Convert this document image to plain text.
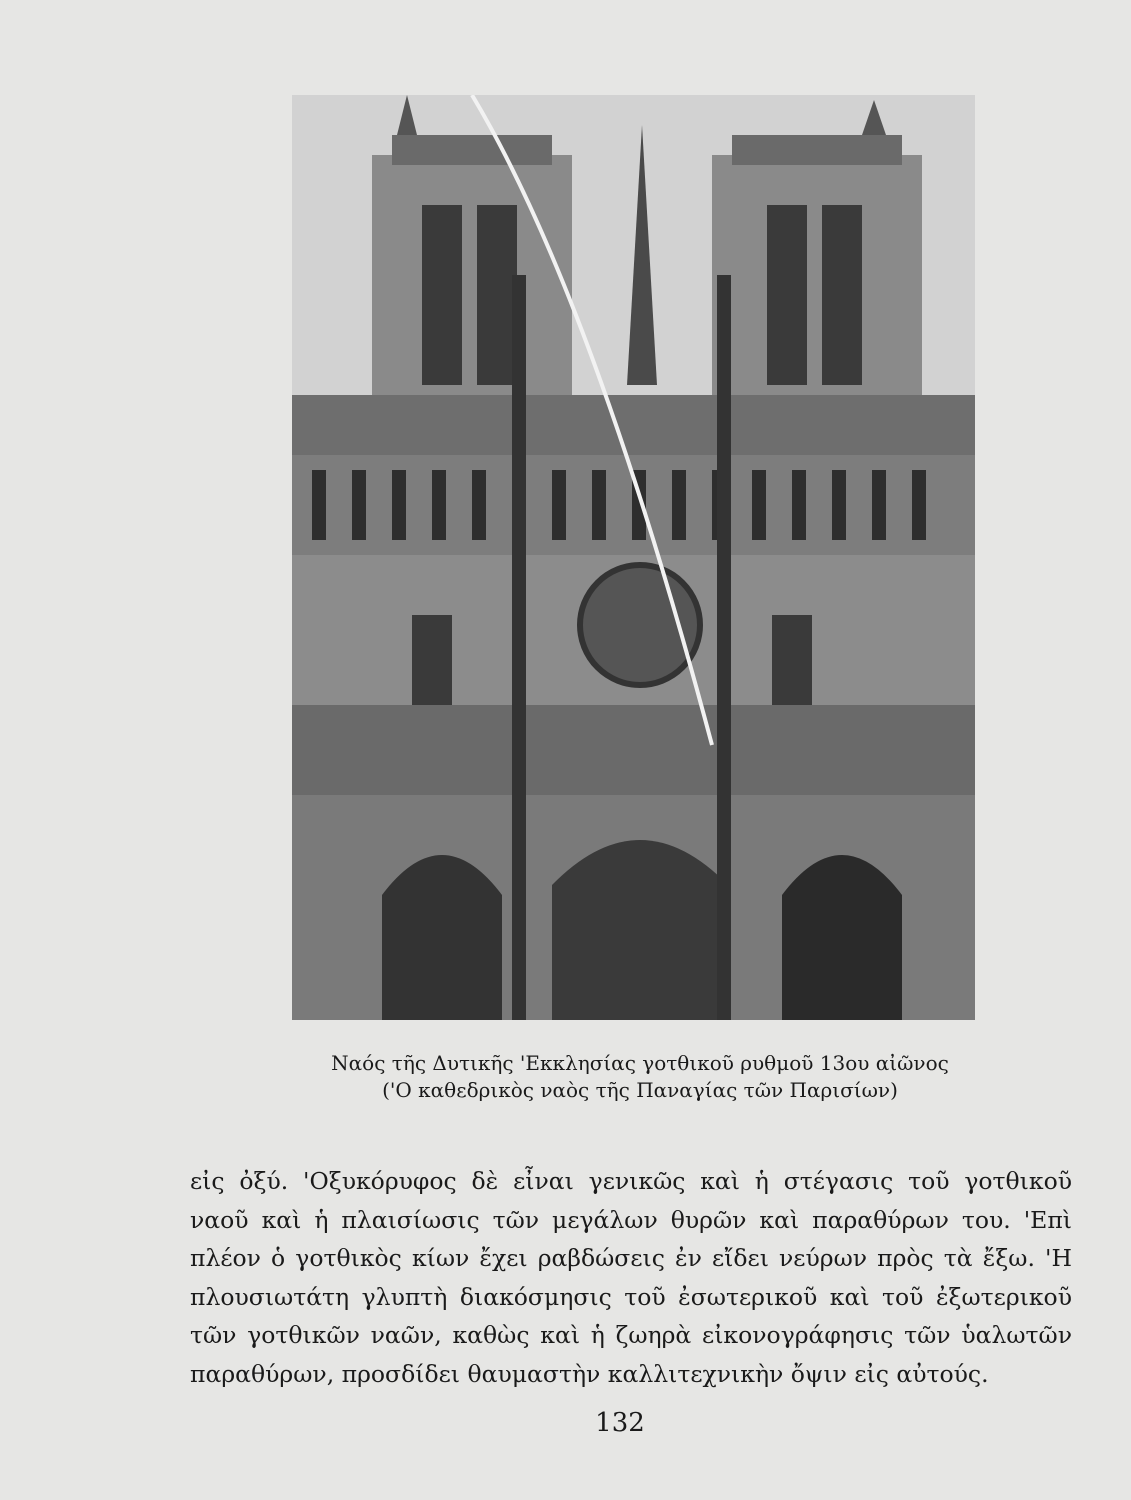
Ναός τῆς Δυτικῆς 'Εκκλησίας γοτθικοῦ ρυθμοῦ 13ου αἰῶνος
('Ο καθεδρικὸς ναὸς τῆς Παναγίας τῶν Παρισίων)
εἰς ὀξύ. 'Οξυκόρυφος δὲ εἶναι γενικῶς καὶ ἡ στέγασις τοῦ γοτθικοῦ
ναοῦ καὶ ἡ πλαισίωσις τῶν μεγάλων θυρῶν καὶ παραθύρων του. 'Επὶ
πλέον ὁ γοτθικὸς κίων ἔχει ραβδώσεις ἐν εἴδει νεύρων πρὸς τὰ ἔξω. 'Η
πλουσιωτάτη γλυπτὴ διακόσμησις τοῦ ἐσωτερικοῦ καὶ τοῦ ἐξωτερικοῦ
τῶν γοτθικῶν ναῶν, καθὼς καὶ ἡ ζωηρὰ εἰκονογράφησις τῶν ὑαλωτῶν
παραθύρων, προσδίδει θαυμαστὴν καλλιτεχνικὴν ὄψιν εἰς αὐτούς.
132
